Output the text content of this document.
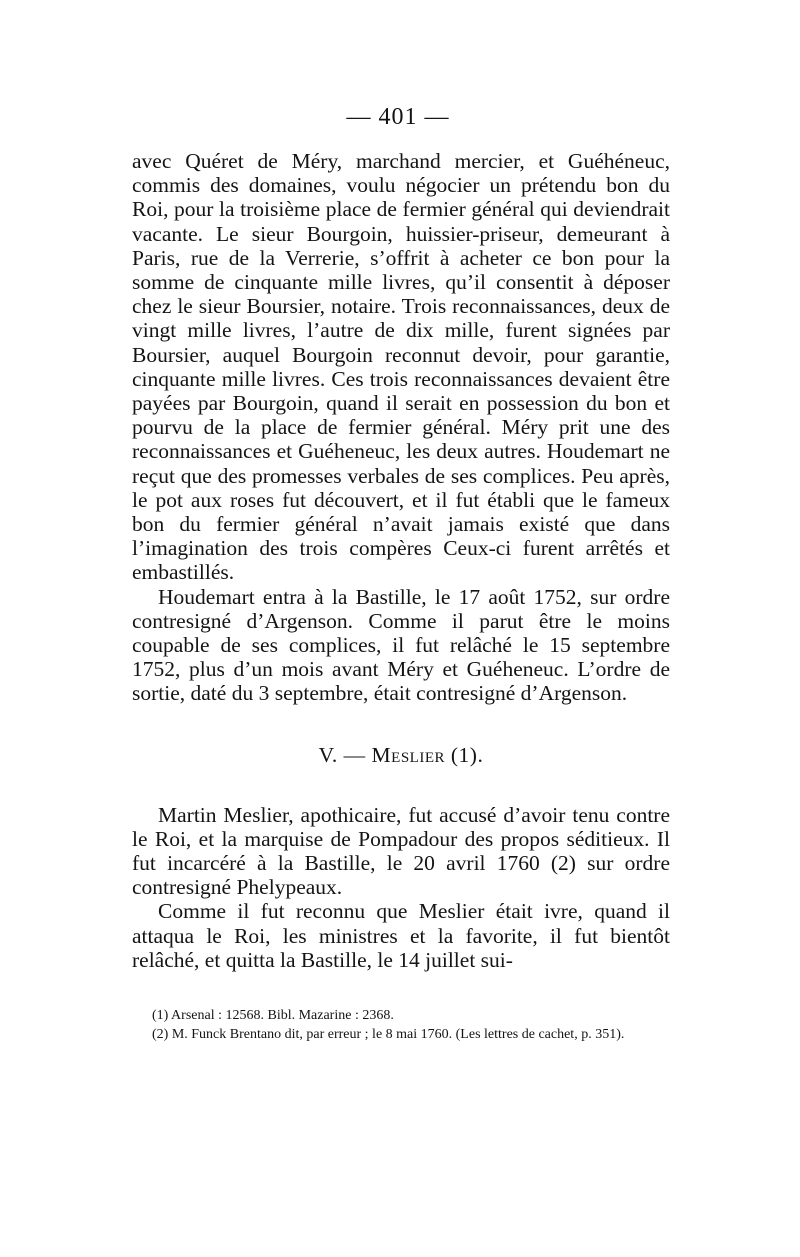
— 401 —

avec Quéret de Méry, marchand mercier, et Guéhéneuc, commis des domaines, voulu négocier un prétendu bon du Roi, pour la troisième place de fermier général qui deviendrait vacante. Le sieur Bourgoin, huissier-priseur, demeurant à Paris, rue de la Verrerie, s’offrit à acheter ce bon pour la somme de cinquante mille livres, qu’il consentit à déposer chez le sieur Boursier, notaire. Trois reconnaissances, deux de vingt mille livres, l’autre de dix mille, furent signées par Boursier, auquel Bourgoin reconnut devoir, pour garantie, cinquante mille livres. Ces trois reconnaissances devaient être payées par Bourgoin, quand il serait en possession du bon et pourvu de la place de fermier général. Méry prit une des reconnaissances et Guéheneuc, les deux autres. Houdemart ne reçut que des promesses verbales de ses complices. Peu après, le pot aux roses fut découvert, et il fut établi que le fameux bon du fermier général n’avait jamais existé que dans l’imagination des trois compères Ceux-ci furent arrêtés et embastillés.

Houdemart entra à la Bastille, le 17 août 1752, sur ordre contresigné d’Argenson. Comme il parut être le moins coupable de ses complices, il fut relâché le 15 septembre 1752, plus d’un mois avant Méry et Guéheneuc. L’ordre de sortie, daté du 3 septembre, était contresigné d’Argenson.

V. — Meslier (1).

Martin Meslier, apothicaire, fut accusé d’avoir tenu contre le Roi, et la marquise de Pompadour des propos séditieux. Il fut incarcéré à la Bastille, le 20 avril 1760 (2) sur ordre contresigné Phelypeaux.

Comme il fut reconnu que Meslier était ivre, quand il attaqua le Roi, les ministres et la favorite, il fut bientôt relâché, et quitta la Bastille, le 14 juillet sui-

(1) Arsenal : 12568. Bibl. Mazarine : 2368.

(2) M. Funck Brentano dit, par erreur ; le 8 mai 1760. (Les lettres de cachet, p. 351).
